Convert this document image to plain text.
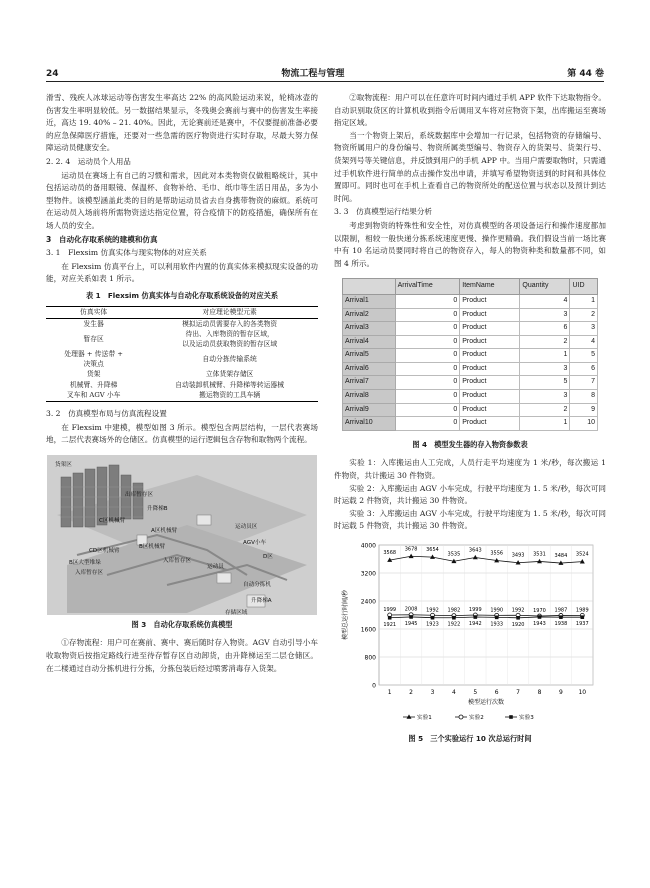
24	物流工程与管理	第 44 卷

滑雪、残疾人冰球运动等伤害发生率高达 22% 的高风险运动来说，轮椅冰壶的伤害发生率明显较低。另一数据结果显示，冬残奥会赛前与赛中的伤害发生率接近，高达 19. 40% – 21. 40%。因此，无论赛前还是赛中，不仅要提前准备必要的应急保障医疗措施，还要对一些急需的医疗物资进行实时存取，尽最大努力保障运动员健康安全。

2. 2. 4　运动员个人用品

运动员在赛场上有自己的习惯和需求，因此对本类物资仅做粗略统计，其中包括运动员的备用眼镜、保温杯、食物补给、毛巾、纸巾等生活日用品，多为小型物件。该模型涵盖此类的目的是帮助运动员省去自身携带物资的麻烦。系统可在运动员入场前将所需物资送达指定位置，符合疫情下的防疫措施，确保所有在场人员的安全。

3　自动化存取系统的建模和仿真
3. 1　Flexsim 仿真实体与现实物体的对应关系

在 Flexsim 仿真平台上，可以利用软件内置的仿真实体来模拟现实设备的功能，对应关系如表 1 所示。

表 1　Flexsim 仿真实体与自动化存取系统设备的对应关系
仿真实体	对应理论模型元素
发生器	模拟运动员需要存入的各类物资
暂存区	待出、入库物资的暂存区域，
以及运动员获取物资的暂存区域
处理器 + 传送带 +
决策点	自动分拣传输系统
货架	立体货架存储区
机械臂、升降梯	自动装卸机械臂、升降梯等转运器械
叉车和 AGV 小车	搬运物资的工具车辆
3. 2　仿真模型布局与仿真流程设置

在 Flexsim 中建模，模型如图 3 所示。模型包含两层结构，一层代表赛场地，二层代表赛场外的仓储区。仿真模型的运行逻辑包含存物和取物两个流程。

货架区
出库暂存区
升降梯B
运动员区
AGV小车
C区机械臂
A区机械臂
B区机械臂
CD区机械臂
入库暂存区
B区大型堆垛
入库暂存区
D区
运动员
升降梯A
自动分拣机
存储区域
图 3　自动化存取系统仿真模型

①存物流程：用户可在赛前、赛中、赛后随时存入物资。AGV 自动引导小车收取物资后按指定路线行进至待存暂存区自动卸货，由升降梯运至二层仓储区。在二楼通过自动分拣机进行分拣，分拣包装后经过喷雾消毒存入货架。

②取物流程：用户可以在任意许可时间内通过手机 APP 软件下达取物指令。自动识别取货区的计算机收到指令后调用叉车将对应物资下架，出库搬运至赛场指定区域。

当一个物资上架后，系统数据库中会增加一行记录，包括物资的存储编号、物资所属用户的身份编号、物资所属类型编号、物资存入的货架号、货架行号、货架列号等关键信息，并反馈到用户的手机 APP 中。当用户需要取物时，只需通过手机软件进行简单的点击操作发出申请，并填写希望物资送到的时间和具体位置即可。同时也可在手机上查看自己的物资所处的配送位置与状态以及预计到达时间。

3. 3　仿真模型运行结果分析

考虑到物资的特殊性和安全性，对仿真模型的各项设备运行和操作速度都加以限制，相较一般快递分拣系统速度更慢、操作更精确。我们假设当前一场比赛中有 10 名运动员要同时将自己的物资存入，每人的物资种类和数量都不同，如图 4 所示。

	ArrivalTime	ItemName	Quantity	UID
Arrival1	0	Product	4	1
Arrival2	0	Product	3	2
Arrival3	0	Product	6	3
Arrival4	0	Product	2	4
Arrival5	0	Product	1	5
Arrival6	0	Product	3	6
Arrival7	0	Product	5	7
Arrival8	0	Product	3	8
Arrival9	0	Product	2	9
Arrival10	0	Product	1	10
图 4　模型发生器的存入物资参数表

实验 1：入库搬运由人工完成，人员行走平均速度为 1 米/秒，每次搬运 1 件物资，共计搬运 30 件物资。

实验 2：入库搬运由 AGV 小车完成，行驶平均速度为 1. 5 米/秒，每次可同时运载 2 件物资，共计搬运 30 件物资。

实验 3：入库搬运由 AGV 小车完成，行驶平均速度为 1. 5 米/秒，每次可同时运载 5 件物资，共计搬运 30 件物资。

0
800
1600
2400
3200
4000
1	2	3	4	5	6	7	8	9	10
模型运行次数
模型总运行时间/秒
3568
3678 3654
3535
3643
3556 3493 3531 3484 3524
1999 2008 1992 1982 1999 1990 1992 1970 1987 1989
1921 1945 1923 1922 1942 1933 1920 1943 1938 1937
实验1	实验2	实验3
图 5　三个实验运行 10 次总运行时间
